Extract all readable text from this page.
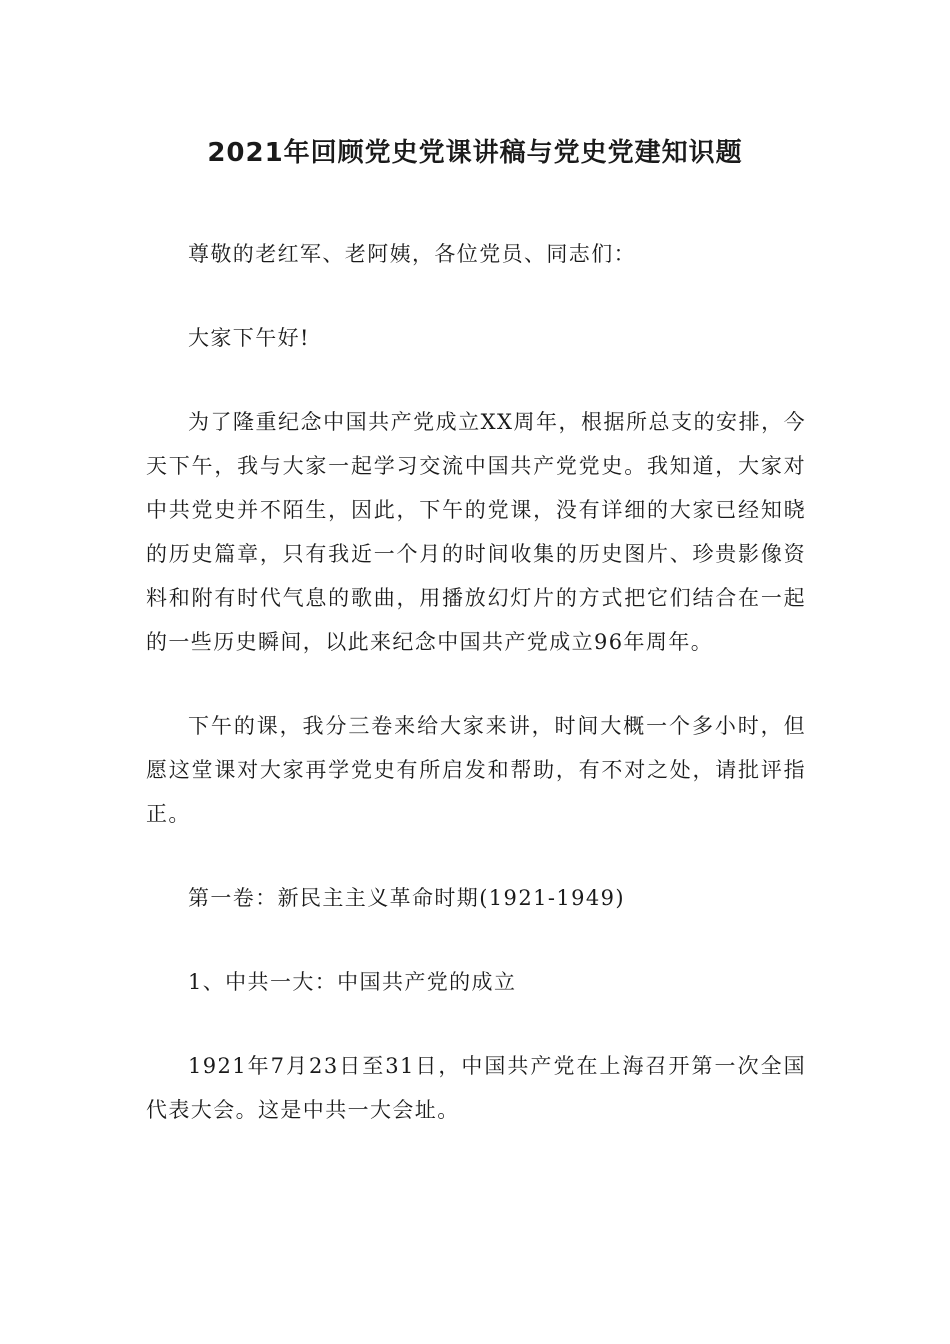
2021年回顾党史党课讲稿与党史党建知识题

尊敬的老红军、老阿姨，各位党员、同志们：

大家下午好!

为了隆重纪念中国共产党成立XX周年，根据所总支的安排，今天下午，我与大家一起学习交流中国共产党党史。我知道，大家对中共党史并不陌生，因此，下午的党课，没有详细的大家已经知晓的历史篇章，只有我近一个月的时间收集的历史图片、珍贵影像资料和附有时代气息的歌曲，用播放幻灯片的方式把它们结合在一起的一些历史瞬间，以此来纪念中国共产党成立96年周年。

下午的课，我分三卷来给大家来讲，时间大概一个多小时，但愿这堂课对大家再学党史有所启发和帮助，有不对之处，请批评指正。

第一卷：新民主主义革命时期(1921-1949)

1、中共一大：中国共产党的成立

1921年7月23日至31日，中国共产党在上海召开第一次全国代表大会。这是中共一大会址。
